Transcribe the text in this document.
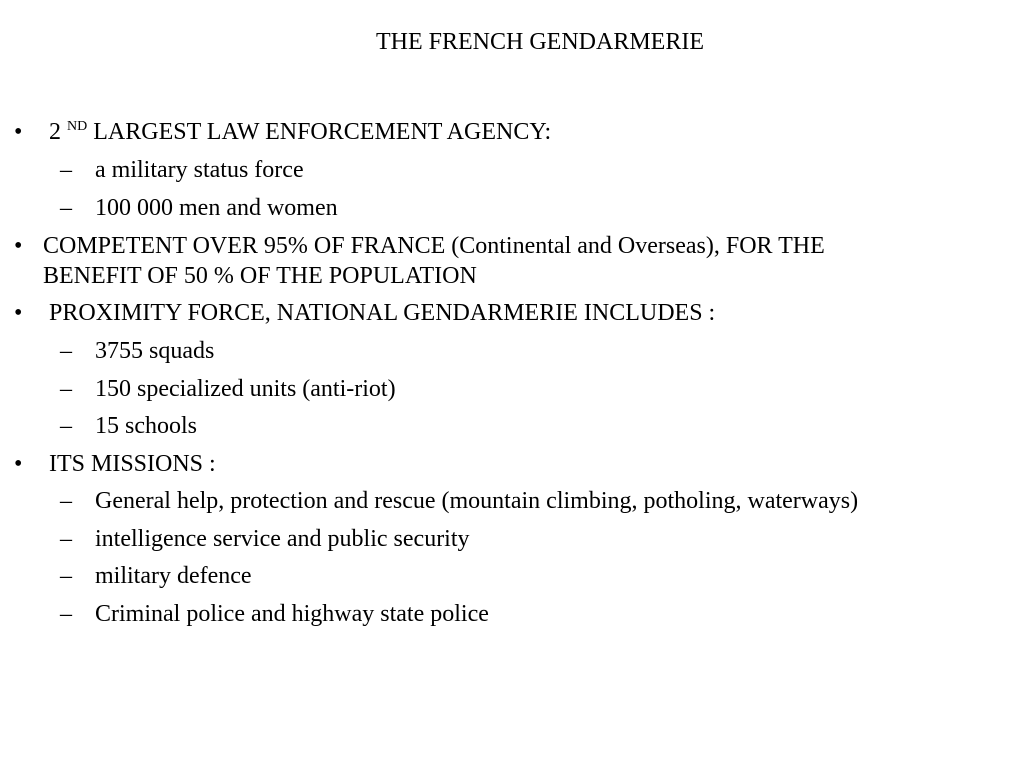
THE FRENCH GENDARMERIE
• 2 $^{ND}$ LARGEST LAW ENFORCEMENT AGENCY:
– a military status force
– 100 000 men and women
• COMPETENT OVER 95% OF FRANCE (Continental and Overseas), FOR THE
BENEFIT OF 50 % OF THE POPULATION
• PROXIMITY FORCE, NATIONAL GENDARMERIE INCLUDES :
– 3755 squads
– 150 specialized units (anti-riot)
– 15 schools
• ITS MISSIONS :
– General help, protection and rescue (mountain climbing, potholing, waterways)
– intelligence service and public security
– military defence
– Criminal police and highway state police
